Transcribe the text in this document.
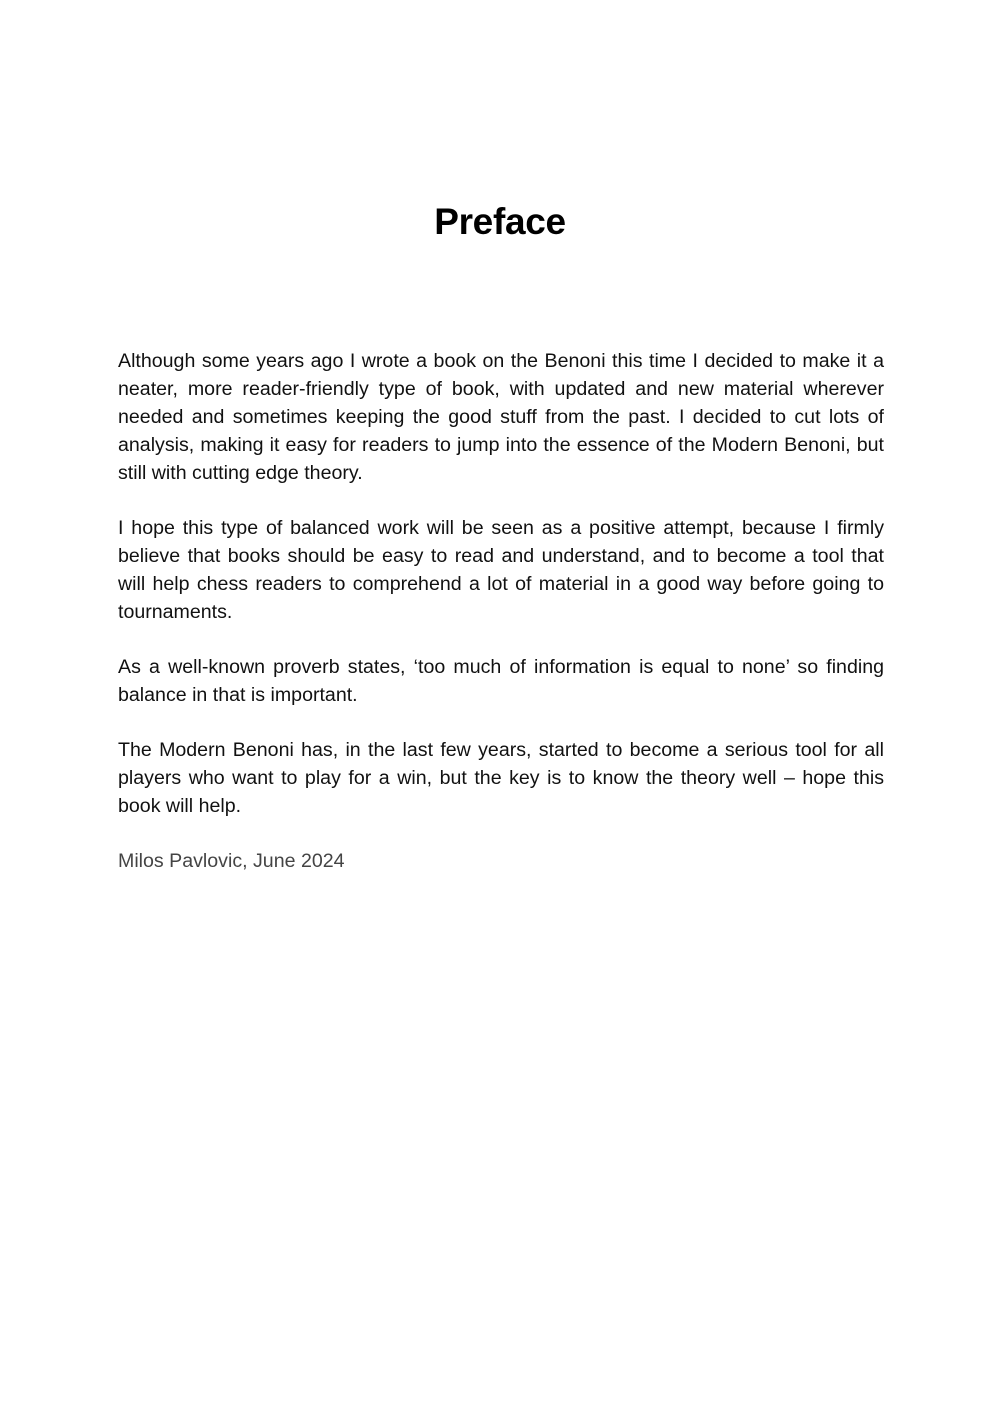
Preface

Although some years ago I wrote a book on the Benoni this time I decided to make it a neater, more reader-friendly type of book, with updated and new material wherever needed and sometimes keeping the good stuff from the past. I decided to cut lots of analysis, making it easy for readers to jump into the essence of the Modern Benoni, but still with cutting edge theory.

I hope this type of balanced work will be seen as a positive attempt, because I firmly believe that books should be easy to read and understand, and to become a tool that will help chess readers to comprehend a lot of material in a good way before going to tournaments.

As a well-known proverb states, ‘too much of information is equal to none’ so finding balance in that is important.

The Modern Benoni has, in the last few years, started to become a serious tool for all players who want to play for a win, but the key is to know the theory well – hope this book will help.

Milos Pavlovic, June 2024
